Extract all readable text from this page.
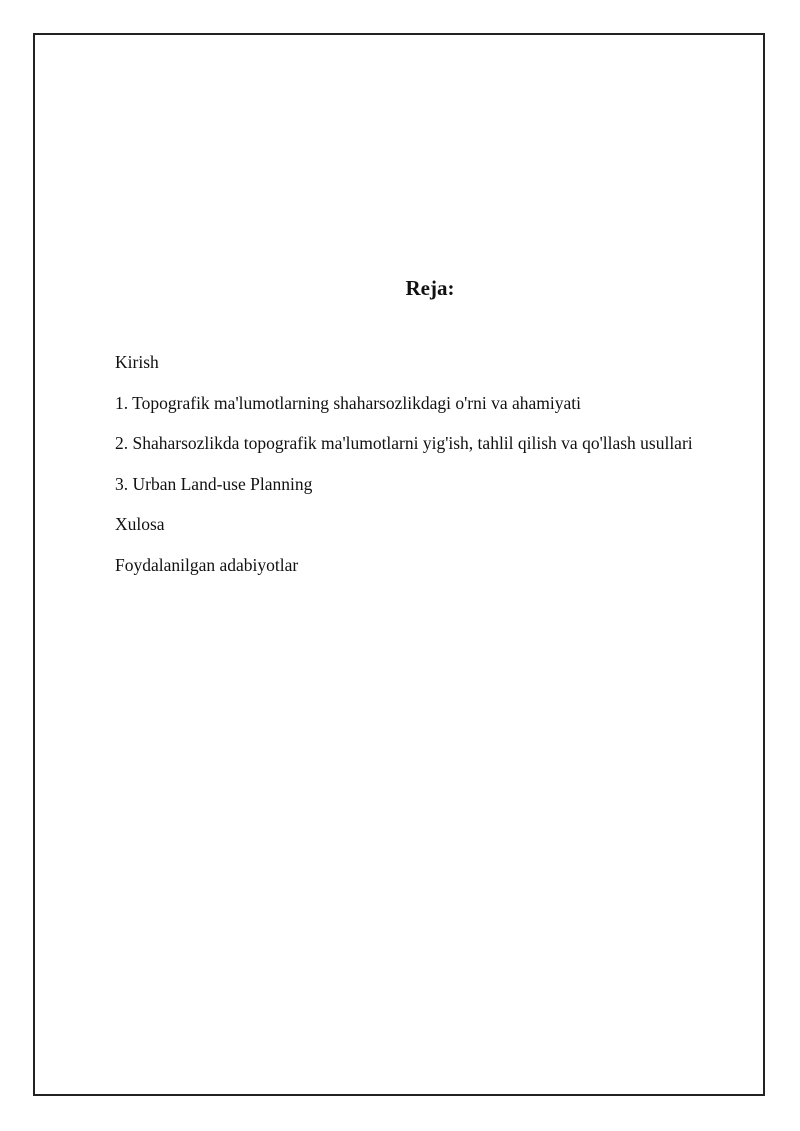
Reja:
Kirish
1. Topografik ma'lumotlarning shaharsozlikdagi o'rni va ahamiyati
2. Shaharsozlikda topografik ma'lumotlarni yig'ish, tahlil qilish va qo'llash usullari
3. Urban Land-use Planning
Xulosa
Foydalanilgan adabiyotlar
